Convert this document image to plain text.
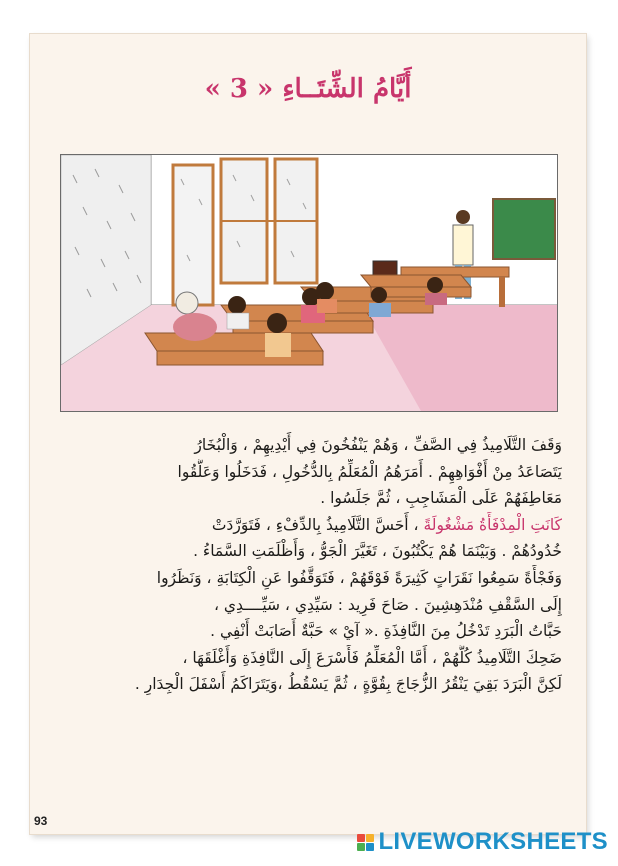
أَيَّامُ الشِّتَــاءِ « 3 »
وَقَفَ التَّلَامِيذُ فِي الصَّفِّ ، وَهُمْ يَنْفُخُونَ فِي أَيْدِيهِمْ ، وَالْبُخَارُ
يَتَصَاعَدُ مِنْ أَفْوَاهِهِمْ . أَمَرَهُمُ الْمُعَلِّمُ بِالدُّخُولِ ، فَدَخَلُوا وَعَلَّقُوا
مَعَاطِفَهُمْ عَلَى الْمَشَاجِبِ ، ثُمَّ جَلَسُوا .
كَانَتِ الْمِدْفَأَةُ مَشْغُولَةً ، أَحَسَّ التَّلَامِيذُ بِالدِّفْءِ ، فَتَوَرَّدَتْ
خُدُودُهُمْ . وَبَيْنَمَا هُمْ يَكْتُبُونَ ، تَغَيَّرَ الْجَوُّ ، وَأَظْلَمَتِ السَّمَاءُ .
وَفَجْأَةً سَمِعُوا نَقَرَاتٍ كَثِيرَةً فَوْقَهُمْ ، فَتَوَقَّفُوا عَنِ الْكِتَابَةِ ، وَنَظَرُوا
إِلَى السَّقْفِ مُنْدَهِشِينَ . صَاحَ فَرِيد : سَيِّدِي ، سَيِّــــدِي ،
حَبَّاتُ الْبَرَدِ تَدْخُلُ مِنَ النَّافِذَةِ .« آيْ » حَبَّةٌ أَصَابَتْ أَنْفِي .
ضَحِكَ التَّلَامِيذُ كُلُّهُمْ ، أَمَّا الْمُعَلِّمُ فَأَسْرَعَ إِلَى النَّافِذَةِ وَأَغْلَقَهَا ،
لَكِنَّ الْبَرَدَ بَقِيَ يَنْقُرُ الزُّجَاجَ بِقُوَّةٍ ، ثُمَّ يَسْقُطُ ،وَيَتَرَاكَمُ أَسْفَلَ الْجِدَارِ .
93
LIVEWORKSHEETS
